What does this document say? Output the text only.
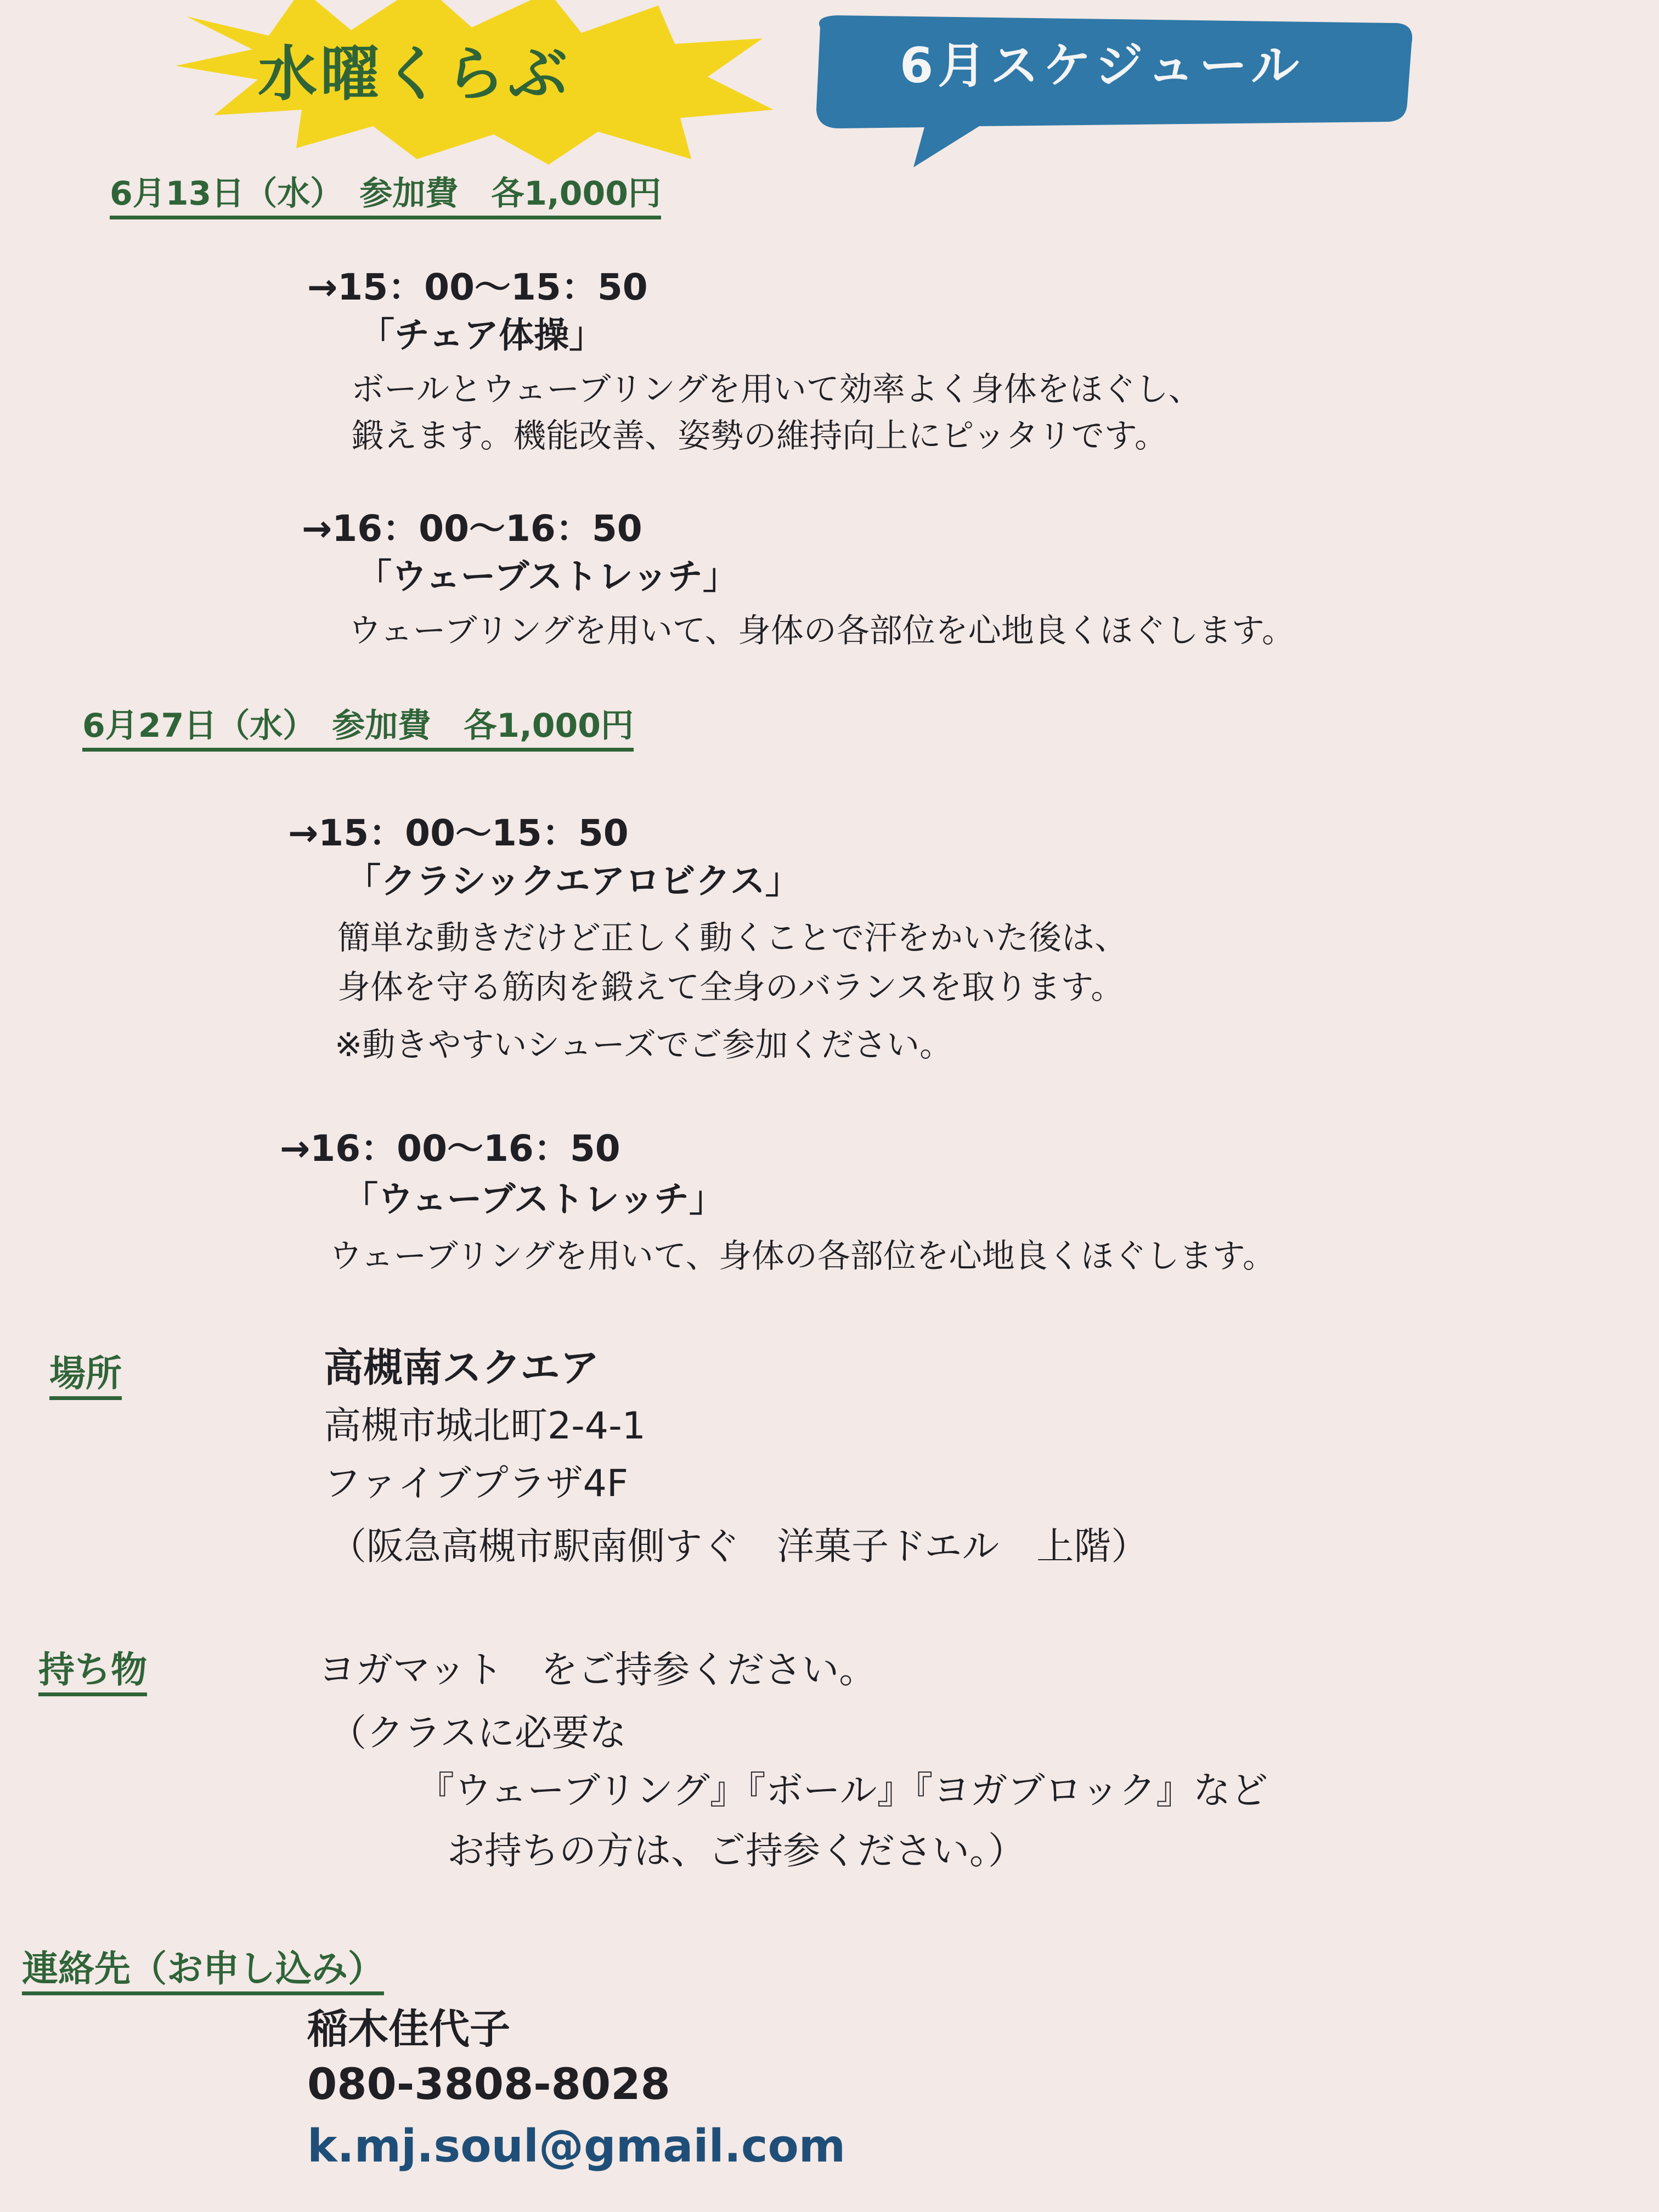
水曜くらぶ	6月スケジュール
6月13日（水）　参加費　各1,000円
→15：00〜15：50
「チェア体操」
ボールとウェーブリングを用いて効率よく身体をほぐし、
鍛えます。機能改善、姿勢の維持向上にピッタリです。
→16：00〜16：50
「ウェーブストレッチ」
ウェーブリングを用いて、身体の各部位を心地良くほぐします。
6月27日（水）　参加費　各1,000円
→15：00〜15：50
「クラシックエアロビクス」
簡単な動きだけど正しく動くことで汗をかいた後は、
身体を守る筋肉を鍛えて全身のバランスを取ります。
※動きやすいシューズでご参加ください。
→16：00〜16：50
「ウェーブストレッチ」
ウェーブリングを用いて、身体の各部位を心地良くほぐします。
場所	高槻南スクエア
高槻市城北町2-4-1
ファイブプラザ4F
（阪急高槻市駅南側すぐ　洋菓子ドエル　上階）
持ち物	ヨガマット　をご持参ください。
（クラスに必要な
『ウェーブリング』『ボール』『ヨガブロック』など
お持ちの方は、ご持参ください。）
連絡先（お申し込み）
稲木佳代子
080-3808-8028
k.mj.soul@gmail.com
